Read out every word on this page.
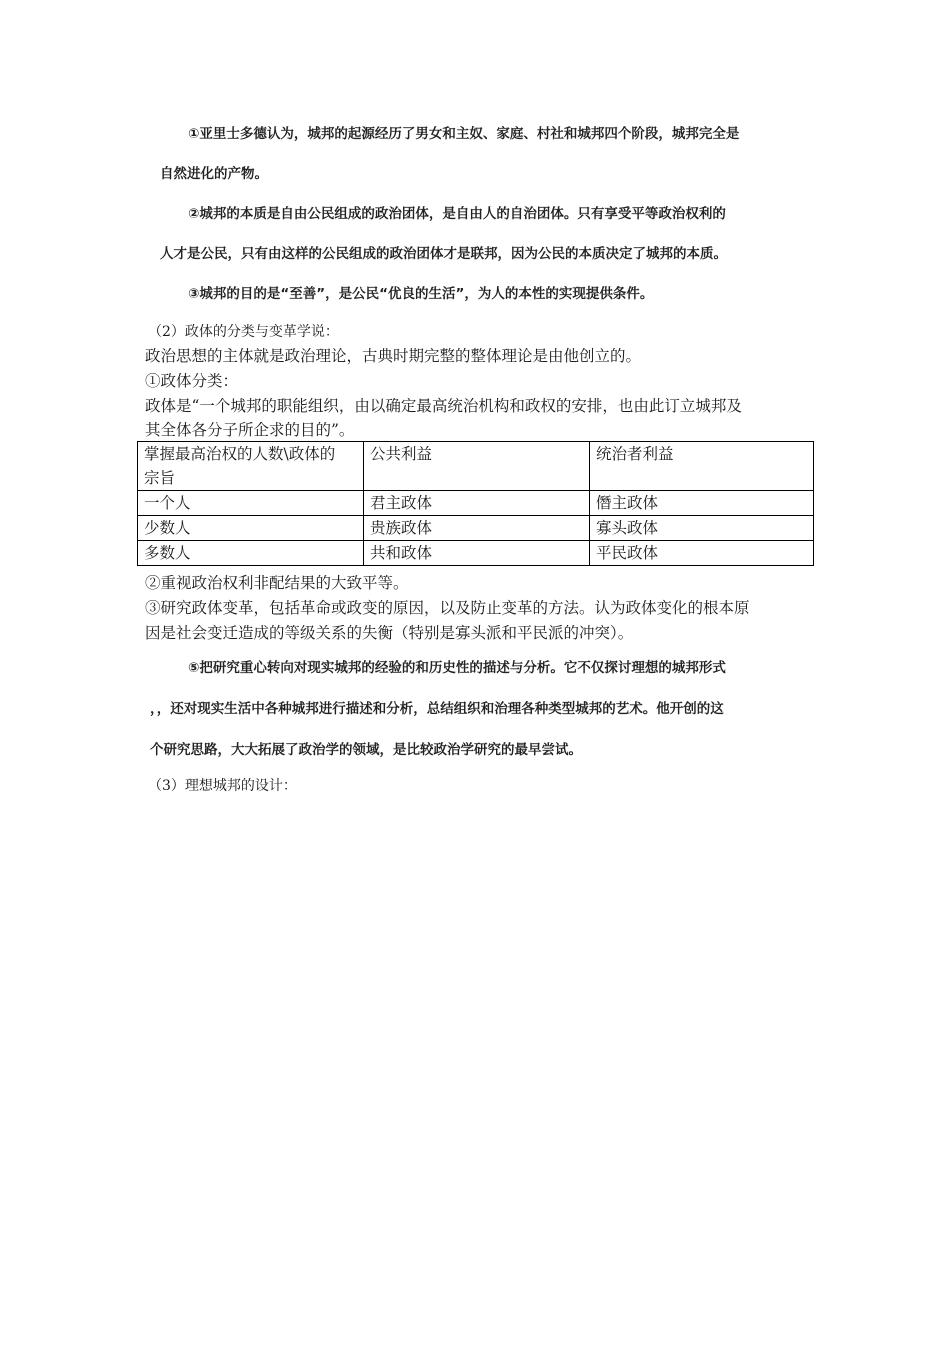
①亚里士多德认为，城邦的起源经历了男女和主奴、家庭、村社和城邦四个阶段，城邦完全是

自然进化的产物。

②城邦的本质是自由公民组成的政治团体，是自由人的自治团体。只有享受平等政治权利的

人才是公民，只有由这样的公民组成的政治团体才是联邦，因为公民的本质决定了城邦的本质。

③城邦的目的是“至善”，是公民“优良的生活”，为人的本性的实现提供条件。

（2）政体的分类与变革学说：

政治思想的主体就是政治理论，古典时期完整的整体理论是由他创立的。

①政体分类：

政体是“一个城邦的职能组织，由以确定最高统治机构和政权的安排，也由此订立城邦及

其全体各分子所企求的目的”。

掌握最高治权的人数\政体的
宗旨	公共利益	统治者利益
一个人	君主政体	僭主政体
少数人	贵族政体	寡头政体
多数人	共和政体	平民政体

②重视政治权利非配结果的大致平等。

③研究政体变革，包括革命或政变的原因，以及防止变革的方法。认为政体变化的根本原

因是社会变迁造成的等级关系的失衡（特别是寡头派和平民派的冲突）。

⑤把研究重心转向对现实城邦的经验的和历史性的描述与分析。它不仅探讨理想的城邦形式

，，还对现实生活中各种城邦进行描述和分析，总结组织和治理各种类型城邦的艺术。他开创的这

个研究思路，大大拓展了政治学的领域，是比较政治学研究的最早尝试。

（3）理想城邦的设计：
